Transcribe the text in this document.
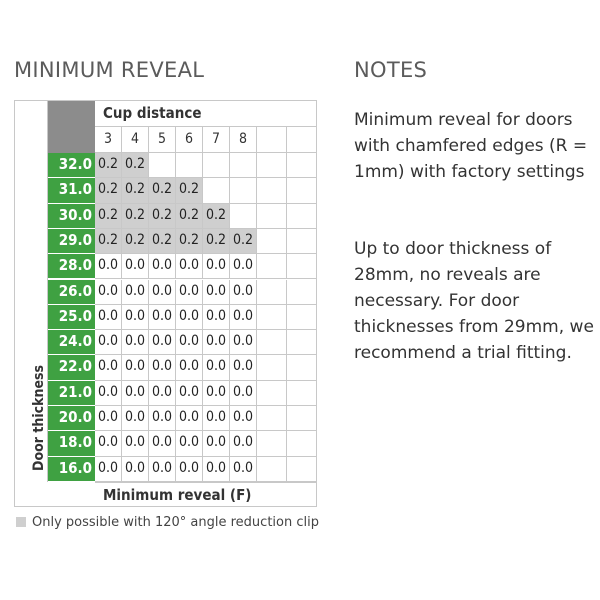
MINIMUM REVEAL	NOTES
Door thickness
Cup distance
3	4	5	6	7	8
32.0 0.2 0.2
31.0 0.2 0.2 0.2 0.2
30.0 0.2 0.2 0.2 0.2 0.2
29.0 0.2 0.2 0.2 0.2 0.2 0.2
28.0 0.0 0.0 0.0 0.0 0.0 0.0
26.0 0.0 0.0 0.0 0.0 0.0 0.0
25.0 0.0 0.0 0.0 0.0 0.0 0.0
24.0 0.0 0.0 0.0 0.0 0.0 0.0
22.0 0.0 0.0 0.0 0.0 0.0 0.0
21.0 0.0 0.0 0.0 0.0 0.0 0.0
20.0 0.0 0.0 0.0 0.0 0.0 0.0
18.0 0.0 0.0 0.0 0.0 0.0 0.0
16.0 0.0 0.0 0.0 0.0 0.0 0.0
Minimum reveal (F)
Only possible with 120° angle reduction clip

Minimum reveal for doors with chamfered edges (R = 1mm) with factory settings

Up to door thickness of 28mm, no reveals are necessary. For door thicknesses from 29mm, we recommend a trial fitting.
